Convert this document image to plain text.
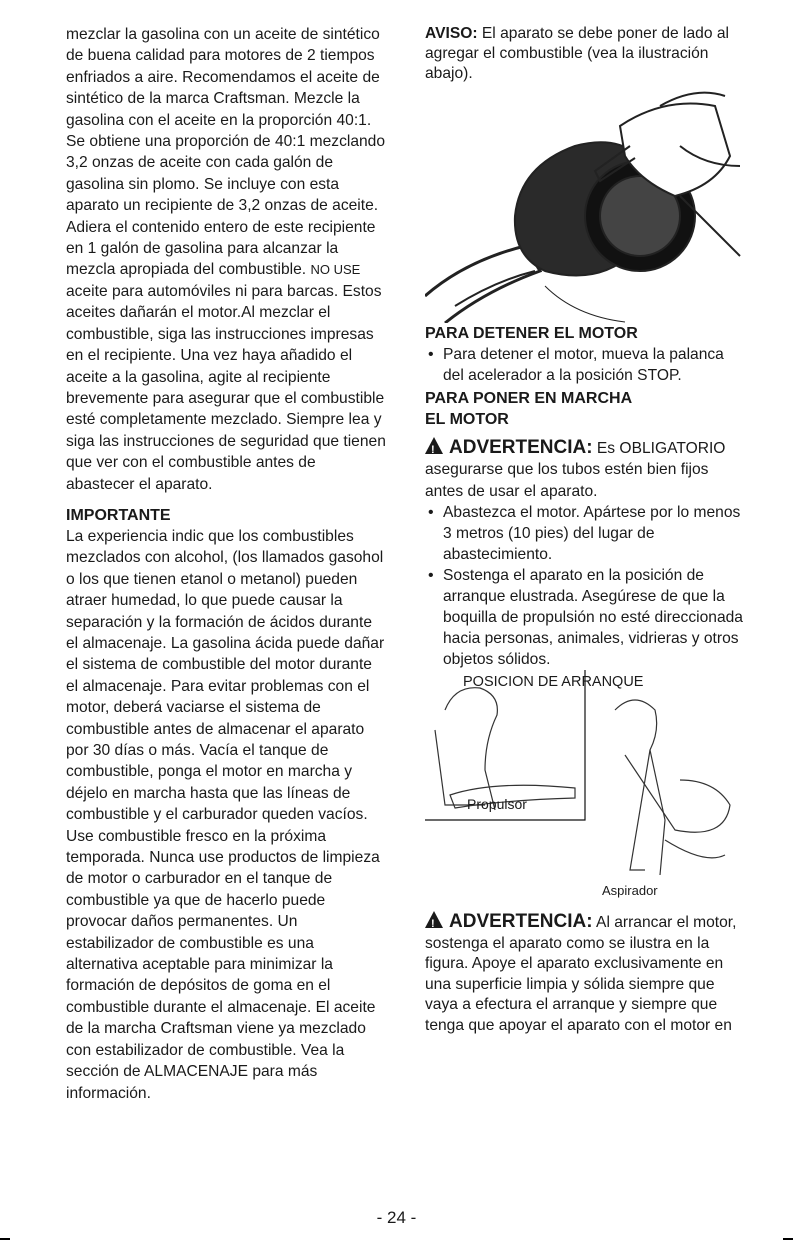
mezclar la gasolina con un aceite de sintético de buena calidad para motores de 2 tiempos enfriados a aire. Recomendamos el aceite de sintético de la marca Craftsman. Mezcle la gasolina con el aceite en la proporción 40:1. Se obtiene una proporción de 40:1 mezclando 3,2 onzas de aceite con cada galón de gasolina sin plomo. Se incluye con esta aparato un recipiente de 3,2 onzas de aceite. Adiera el contenido entero de este recipiente en 1 galón de gasolina para alcanzar la mezcla apropiada del combustible. NO USE aceite para automóviles ni para barcas. Estos aceites dañarán el motor.Al mezclar el combustible, siga las instrucciones impresas en el recipiente. Una vez haya añadido el aceite a la gasolina, agite al recipiente brevemente para asegurar que el combustible esté completamente mezclado. Siempre lea y siga las instrucciones de seguridad que tienen que ver con el combustible antes de abastecer el aparato.

IMPORTANTE

La experiencia indic que los combustibles mezclados con alcohol, (los llamados gasohol o los que tienen etanol o metanol) pueden atraer humedad, lo que puede causar la separación y la formación de ácidos durante el almacenaje. La gasolina ácida puede dañar el sistema de combustible del motor durante el almacenaje. Para evitar problemas con el motor, deberá vaciarse el sistema de combustible antes de almacenar el aparato por 30 días o más. Vacía el tanque de combustible, ponga el motor en marcha y déjelo en marcha hasta que las líneas de combustible y el carburador queden vacíos. Use combustible fresco en la próxima temporada. Nunca use productos de limpieza de motor o carburador en el tanque de combustible ya que de hacerlo puede provocar daños permanentes. Un estabilizador de combustible es una alternativa aceptable para minimizar la formación de depósitos de goma en el combustible durante el almacenaje. El aceite de la marcha Craftsman viene ya mezclado con estabilizador de combustible. Vea la sección de ALMACENAJE para más información.

AVISO: El aparato se debe poner de lado al agregar el combustible (vea la ilustración abajo).

PARA DETENER EL MOTOR

• Para detener el motor, mueva la palanca del acelerador a la posición STOP.

PARA PONER EN MARCHA

EL MOTOR

!ADVERTENCIA: Es OBLIGATORIO asegurarse que los tubos estén bien fijos antes de usar el aparato.

• Abastezca el motor. Apártese por lo menos 3 metros (10 pies) del lugar de abastecimiento.
• Sostenga el aparato en la posición de arranque elustrada. Asegúrese de que la boquilla de propulsión no esté direccionada hacia personas, animales, vidrieras y otros objetos sólidos.
POSICION DE ARRANQUE
Propulsor
Aspirador

!ADVERTENCIA: Al arrancar el motor, sostenga el aparato como se ilustra en la figura. Apoye el aparato exclusivamente en una superficie limpia y sólida siempre que vaya a efectura el arranque y siempre que tenga que apoyar el aparato con el motor en

- 24 -
